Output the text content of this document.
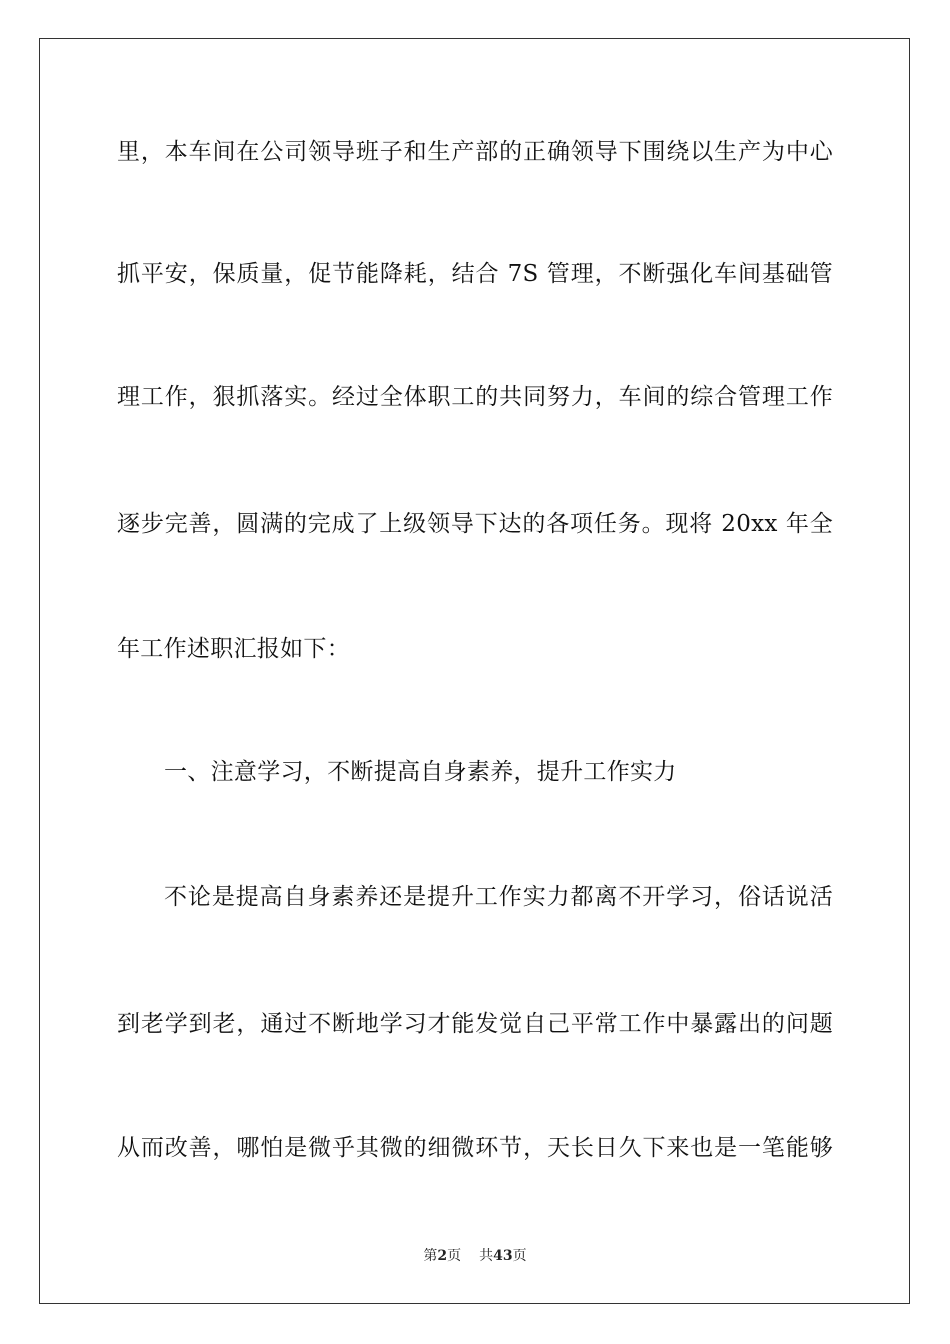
里，本车间在公司领导班子和生产部的正确领导下围绕以生产为中心
抓平安，保质量，促节能降耗，结合 7S 管理，不断强化车间基础管
理工作，狠抓落实。经过全体职工的共同努力，车间的综合管理工作
逐步完善，圆满的完成了上级领导下达的各项任务。现将 20xx 年全
年工作述职汇报如下：
一、注意学习，不断提高自身素养，提升工作实力
不论是提高自身素养还是提升工作实力都离不开学习，俗话说活
到老学到老，通过不断地学习才能发觉自己平常工作中暴露出的问题
从而改善，哪怕是微乎其微的细微环节，天长日久下来也是一笔能够
第2页 共43页
